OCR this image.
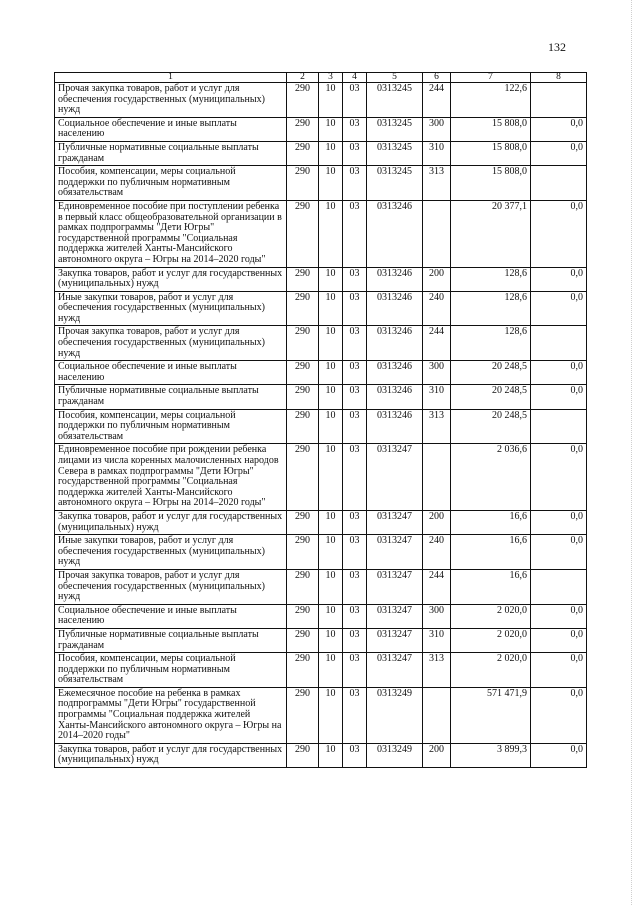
132
1	2	3	4	5	6	7	8
Прочая закупка товаров, работ и услуг для обеспечения государственных (муниципальных) нужд	290	10	03	0313245	244	122,6	
Социальное обеспечение и иные выплаты населению	290	10	03	0313245	300	15 808,0	0,0
Публичные нормативные социальные выплаты гражданам	290	10	03	0313245	310	15 808,0	0,0
Пособия, компенсации, меры социальной поддержки по публичным нормативным обязательствам	290	10	03	0313245	313	15 808,0	
Единовременное пособие при поступлении ребенка в первый класс общеобразовательной организации в рамках подпрограммы "Дети Югры" государственной программы "Социальная поддержка жителей Ханты-Мансийского автономного округа – Югры на 2014–2020 годы"	290	10	03	0313246		20 377,1	0,0
Закупка товаров, работ и услуг для государственных (муниципальных) нужд	290	10	03	0313246	200	128,6	0,0
Иные закупки товаров, работ и услуг для обеспечения государственных (муниципальных) нужд	290	10	03	0313246	240	128,6	0,0
Прочая закупка товаров, работ и услуг для обеспечения государственных (муниципальных) нужд	290	10	03	0313246	244	128,6	
Социальное обеспечение и иные выплаты населению	290	10	03	0313246	300	20 248,5	0,0
Публичные нормативные социальные выплаты гражданам	290	10	03	0313246	310	20 248,5	0,0
Пособия, компенсации, меры социальной поддержки по публичным нормативным обязательствам	290	10	03	0313246	313	20 248,5	
Единовременное пособие при рождении ребенка лицами из числа коренных малочисленных народов Севера в рамках подпрограммы "Дети Югры" государственной программы "Социальная поддержка жителей Ханты-Мансийского автономного округа – Югры на 2014–2020 годы"	290	10	03	0313247		2 036,6	0,0
Закупка товаров, работ и услуг для государственных (муниципальных) нужд	290	10	03	0313247	200	16,6	0,0
Иные закупки товаров, работ и услуг для обеспечения государственных (муниципальных) нужд	290	10	03	0313247	240	16,6	0,0
Прочая закупка товаров, работ и услуг для обеспечения государственных (муниципальных) нужд	290	10	03	0313247	244	16,6	
Социальное обеспечение и иные выплаты населению	290	10	03	0313247	300	2 020,0	0,0
Публичные нормативные социальные выплаты гражданам	290	10	03	0313247	310	2 020,0	0,0
Пособия, компенсации, меры социальной поддержки по публичным нормативным обязательствам	290	10	03	0313247	313	2 020,0	0,0
Ежемесячное пособие на ребенка в рамках подпрограммы "Дети Югры" государственной программы "Социальная поддержка жителей Ханты-Мансийского автономного округа – Югры на 2014–2020 годы"	290	10	03	0313249		571 471,9	0,0
Закупка товаров, работ и услуг для государственных (муниципальных) нужд	290	10	03	0313249	200	3 899,3	0,0
